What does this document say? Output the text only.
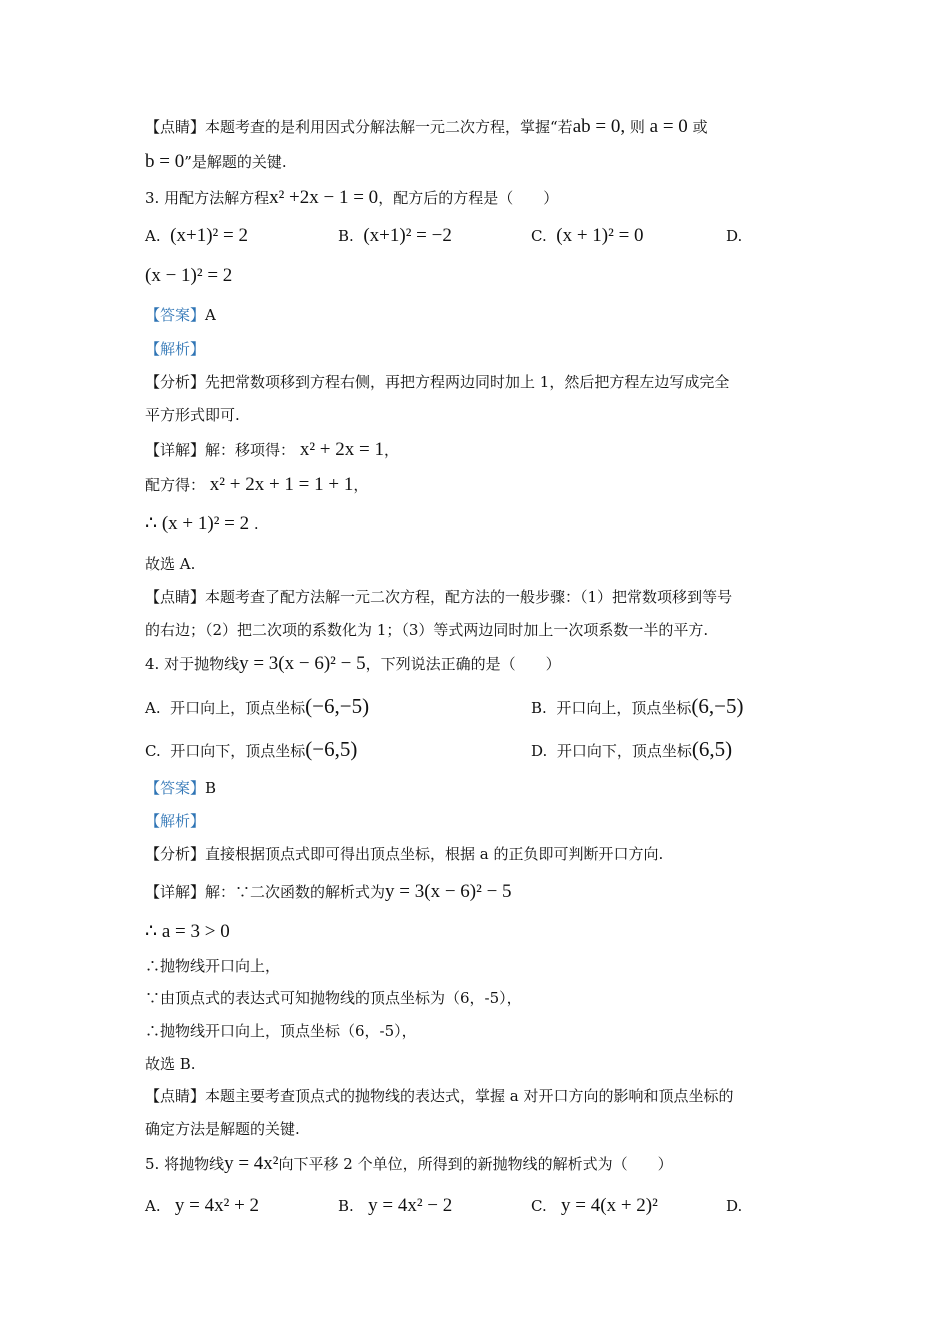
【点睛】本题考查的是利用因式分解法解一元二次方程，掌握“若ab = 0, 则 a = 0 或
b = 0”是解题的关键.
3. 用配方法解方程x² +2x − 1 = 0，配方后的方程是（　　）
A. (x+1)² = 2	B. (x+1)² = −2	C. (x + 1)² = 0	D.
(x − 1)² = 2
【答案】A
【解析】
【分析】先把常数项移到方程右侧，再把方程两边同时加上 1，然后把方程左边写成完全
平方形式即可.
【详解】解：移项得： x² + 2x = 1，
配方得： x² + 2x + 1 = 1 + 1，
∴ (x + 1)² = 2 .
故选 A.
【点睛】本题考查了配方法解一元二次方程，配方法的一般步骤：（1）把常数项移到等号
的右边；（2）把二次项的系数化为 1；（3）等式两边同时加上一次项系数一半的平方.
4. 对于抛物线y = 3(x − 6)² − 5，下列说法正确的是（　　）
A. 开口向上，顶点坐标(−6,−5)	B. 开口向上，顶点坐标(6,−5)
C. 开口向下，顶点坐标(−6,5)	D. 开口向下，顶点坐标(6,5)
【答案】B
【解析】
【分析】直接根据顶点式即可得出顶点坐标，根据 a 的正负即可判断开口方向.
【详解】解：∵二次函数的解析式为y = 3(x − 6)² − 5
∴ a = 3 > 0
∴抛物线开口向上，
∵由顶点式的表达式可知抛物线的顶点坐标为（6，-5），
∴抛物线开口向上，顶点坐标（6，-5），
故选 B.
【点睛】本题主要考查顶点式的抛物线的表达式，掌握 a 对开口方向的影响和顶点坐标的
确定方法是解题的关键.
5. 将抛物线y = 4x²向下平移 2 个单位，所得到的新抛物线的解析式为（　　）
A. y = 4x² + 2	B. y = 4x² − 2	C. y = 4(x + 2)²	D.
